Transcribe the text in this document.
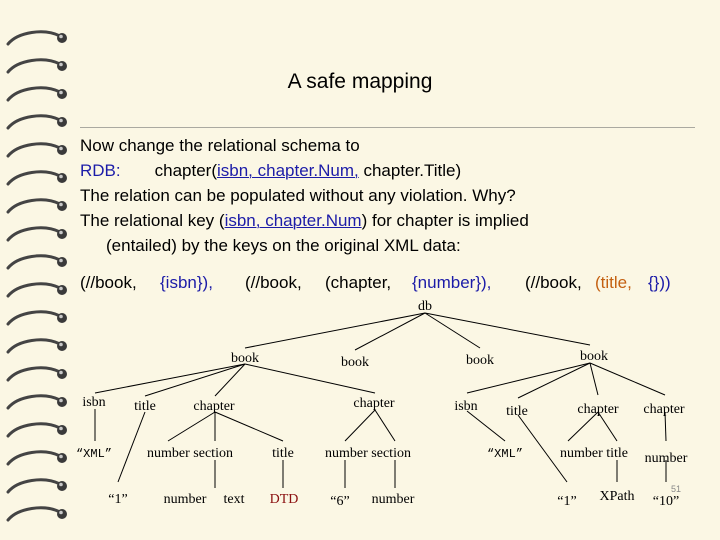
A safe mapping
Now change the relational schema to
RDB: chapter(isbn, chapter.Num, chapter.Title)
The relation can be populated without any violation. Why?
The relational key (isbn, chapter.Num) for chapter is implied
(entailed) by the keys on the original XML data:
(//book, {isbn}), (//book, (chapter, {number}), (//book, (title, {}))
db
book	book	book	book
isbn title	chapter	chapter	isbn title	chapter chapter
“XML”	number section	title number section	“XML”	number title number
“1”	number text DTD “6” number	“1” XPath “10”
51
